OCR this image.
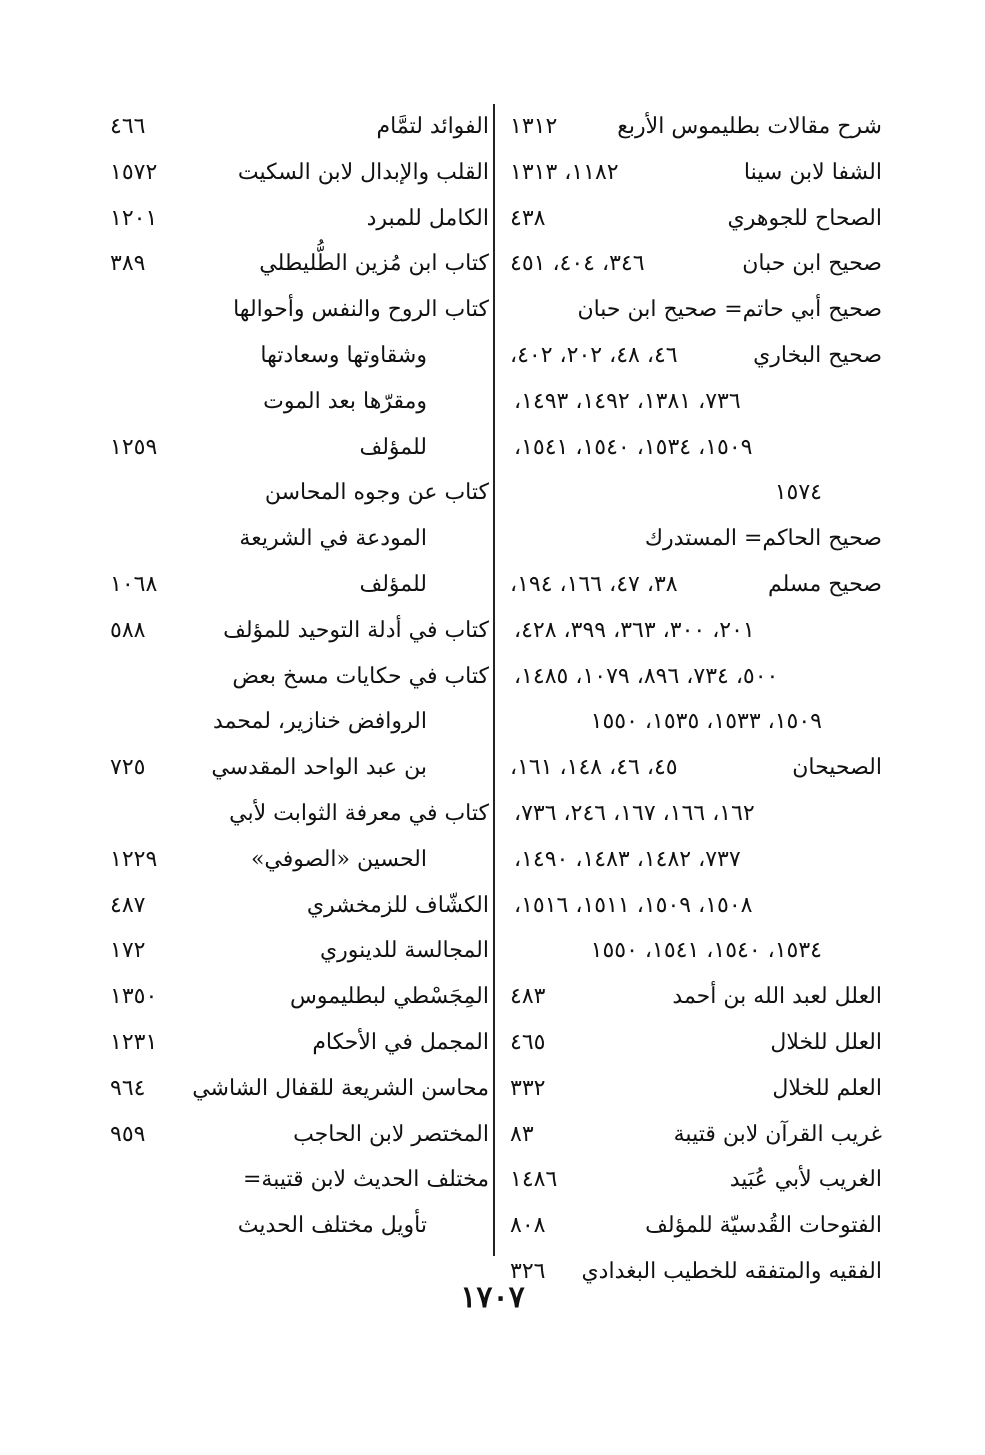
شرح مقالات بطليموس الأربع
١٣١٢
الشفا لابن سينا
١١٨٢، ١٣١٣
الصحاح للجوهري
٤٣٨
صحيح ابن حبان
٣٤٦، ٤٠٤، ٤٥١
صحيح أبي حاتم= صحيح ابن حبان
صحيح البخاري
٤٦، ٤٨، ٢٠٢، ٤٠٢،
٧٣٦، ١٣٨١، ١٤٩٢، ١٤٩٣،
١٥٠٩، ١٥٣٤، ١٥٤٠، ١٥٤١،
١٥٧٤
صحيح الحاكم= المستدرك
صحيح مسلم
٣٨، ٤٧، ١٦٦، ١٩٤،
٢٠١، ٣٠٠، ٣٦٣، ٣٩٩، ٤٢٨،
٥٠٠، ٧٣٤، ٨٩٦، ١٠٧٩، ١٤٨٥،
١٥٠٩، ١٥٣٣، ١٥٣٥، ١٥٥٠
الصحيحان
٤٥، ٤٦، ١٤٨، ١٦١،
١٦٢، ١٦٦، ١٦٧، ٢٤٦، ٧٣٦،
٧٣٧، ١٤٨٢، ١٤٨٣، ١٤٩٠،
١٥٠٨، ١٥٠٩، ١٥١١، ١٥١٦،
١٥٣٤، ١٥٤٠، ١٥٤١، ١٥٥٠
العلل لعبد الله بن أحمد
٤٨٣
العلل للخلال
٤٦٥
العلم للخلال
٣٣٢
غريب القرآن لابن قتيبة
٨٣
الغريب لأبي عُبَيد
١٤٨٦
الفتوحات القُدسيّة للمؤلف
٨٠٨
الفقيه والمتفقه للخطيب البغدادي
٣٢٦
الفوائد لتمَّام
٤٦٦
القلب والإبدال لابن السكيت
١٥٧٢
الكامل للمبرد
١٢٠١
كتاب ابن مُزين الطُّليطلي
٣٨٩
كتاب الروح والنفس وأحوالها
وشقاوتها وسعادتها
ومقرّها بعد الموت
للمؤلف
١٢٥٩
كتاب عن وجوه المحاسن
المودعة في الشريعة
للمؤلف
١٠٦٨
كتاب في أدلة التوحيد للمؤلف
٥٨٨
كتاب في حكايات مسخ بعض
الروافض خنازير، لمحمد
بن عبد الواحد المقدسي
٧٢٥
كتاب في معرفة الثوابت لأبي
الحسين «الصوفي»
١٢٢٩
الكشّاف للزمخشري
٤٨٧
المجالسة للدينوري
١٧٢
المِجَسْطي لبطليموس
١٣٥٠
المجمل في الأحكام
١٢٣١
محاسن الشريعة للقفال الشاشي
٩٦٤
المختصر لابن الحاجب
٩٥٩
مختلف الحديث لابن قتيبة=
تأويل مختلف الحديث
١٧٠٧
